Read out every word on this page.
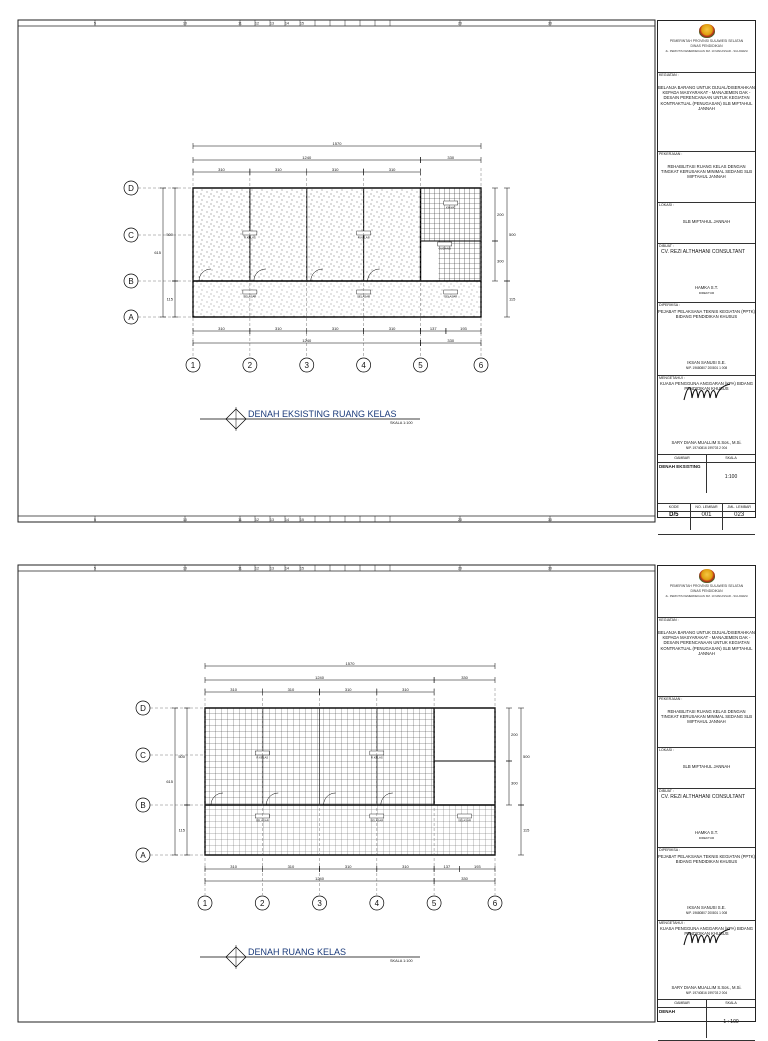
5	10	11	12	13	14	15	20	30
5	10	11	12	13	14	15	20	30
R.KELAS	R.KELAS
SELASAR	SELASAR	SELASAR
KM/WC
GUDANG
1	2	3	4	5	6
D
C
B
A
1570
1240	330
310	310	310	310
310	310	310	310	137	193
1240	330
615
500
115
200
300
500
115
DENAH EKSISTING RUANG KELAS
SKALA 1:100
PEMERINTAH PROVINSI SULAWESI SELATAN
DINAS PENDIDIKAN
JL. PERINTIS KEMERDEKAAN KM. 10 MAKASSAR - SULAWESI
KEGIATAN :
BELANJA BARANG UNTUK DIJUAL/DISERAHKAN KEPADA MASYARAKAT - MANAJEMEN DAK - DESAIN PERENCANAAN UNTUK KEGIATAN KONTRAKTUAL (PENUGASAN) SLB MIFTAHUL JANNAH
PEKERJAAN :
REHABILITASI RUANG KELAS DENGAN TINGKAT KERUSAKAN MINIMAL SEDANG SLB MIFTAHUL JANNAH
LOKASI :
SLB MIFTAHUL JANNAH
DIBUAT :
CV. REZI ALTHAHANI CONSULTANT
HAMKA S.T.
DIREKTUR
DIPERIKSA :
PEJABAT PELAKSANA TEKNIS KEGIATAN (PPTK) BIDANG PENDIDIKAN KHUSUS
IKSAN SANUSI S.E.
NIP. 19680807 200801 1 008
MENGETAHUI :
KUASA PENGGUNA ANGGARAN (KPA) BIDANG PENDIDIKAN KHUSUS
SARY DIANA MUALLIM S.Sos., M.Si.
NIP. 19740816 199703 2 004
GAMBAR	SKALA
DENAH EKSISTING
1:100
KODE	NO. LEMBAR	JML. LEMBAR
D/5	001	023
5	10	11	12	13	14	15	20	30
R.KELAS	R.KELAS
SELASAR	SELASAR	SELASAR
1	2	3	4	5	6
D
C
B
A
1570
1240	330
310	310	310	310
310	310	310	310	137	193
1240	330
615
500
115
200
300
500
115
DENAH RUANG KELAS
SKALA 1:100
PEMERINTAH PROVINSI SULAWESI SELATAN
DINAS PENDIDIKAN
JL. PERINTIS KEMERDEKAAN KM. 10 MAKASSAR - SULAWESI
KEGIATAN :
BELANJA BARANG UNTUK DIJUAL/DISERAHKAN KEPADA MASYARAKAT - MANAJEMEN DAK - DESAIN PERENCANAAN UNTUK KEGIATAN KONTRAKTUAL (PENUGASAN) SLB MIFTAHUL JANNAH
PEKERJAAN :
REHABILITASI RUANG KELAS DENGAN TINGKAT KERUSAKAN MINIMAL SEDANG SLB MIFTAHUL JANNAH
LOKASI :
SLB MIFTAHUL JANNAH
DIBUAT :
CV. REZI ALTHAHANI CONSULTANT
HAMKA S.T.
DIREKTUR
DIPERIKSA :
PEJABAT PELAKSANA TEKNIS KEGIATAN (PPTK) BIDANG PENDIDIKAN KHUSUS
IKSAN SANUSI S.E.
NIP. 19680807 200801 1 008
MENGETAHUI :
KUASA PENGGUNA ANGGARAN (KPA) BIDANG PENDIDIKAN KHUSUS
SARY DIANA MUALLIM S.Sos., M.Si.
NIP. 19740816 199703 2 004
GAMBAR	SKALA
DENAH
1 : 100
